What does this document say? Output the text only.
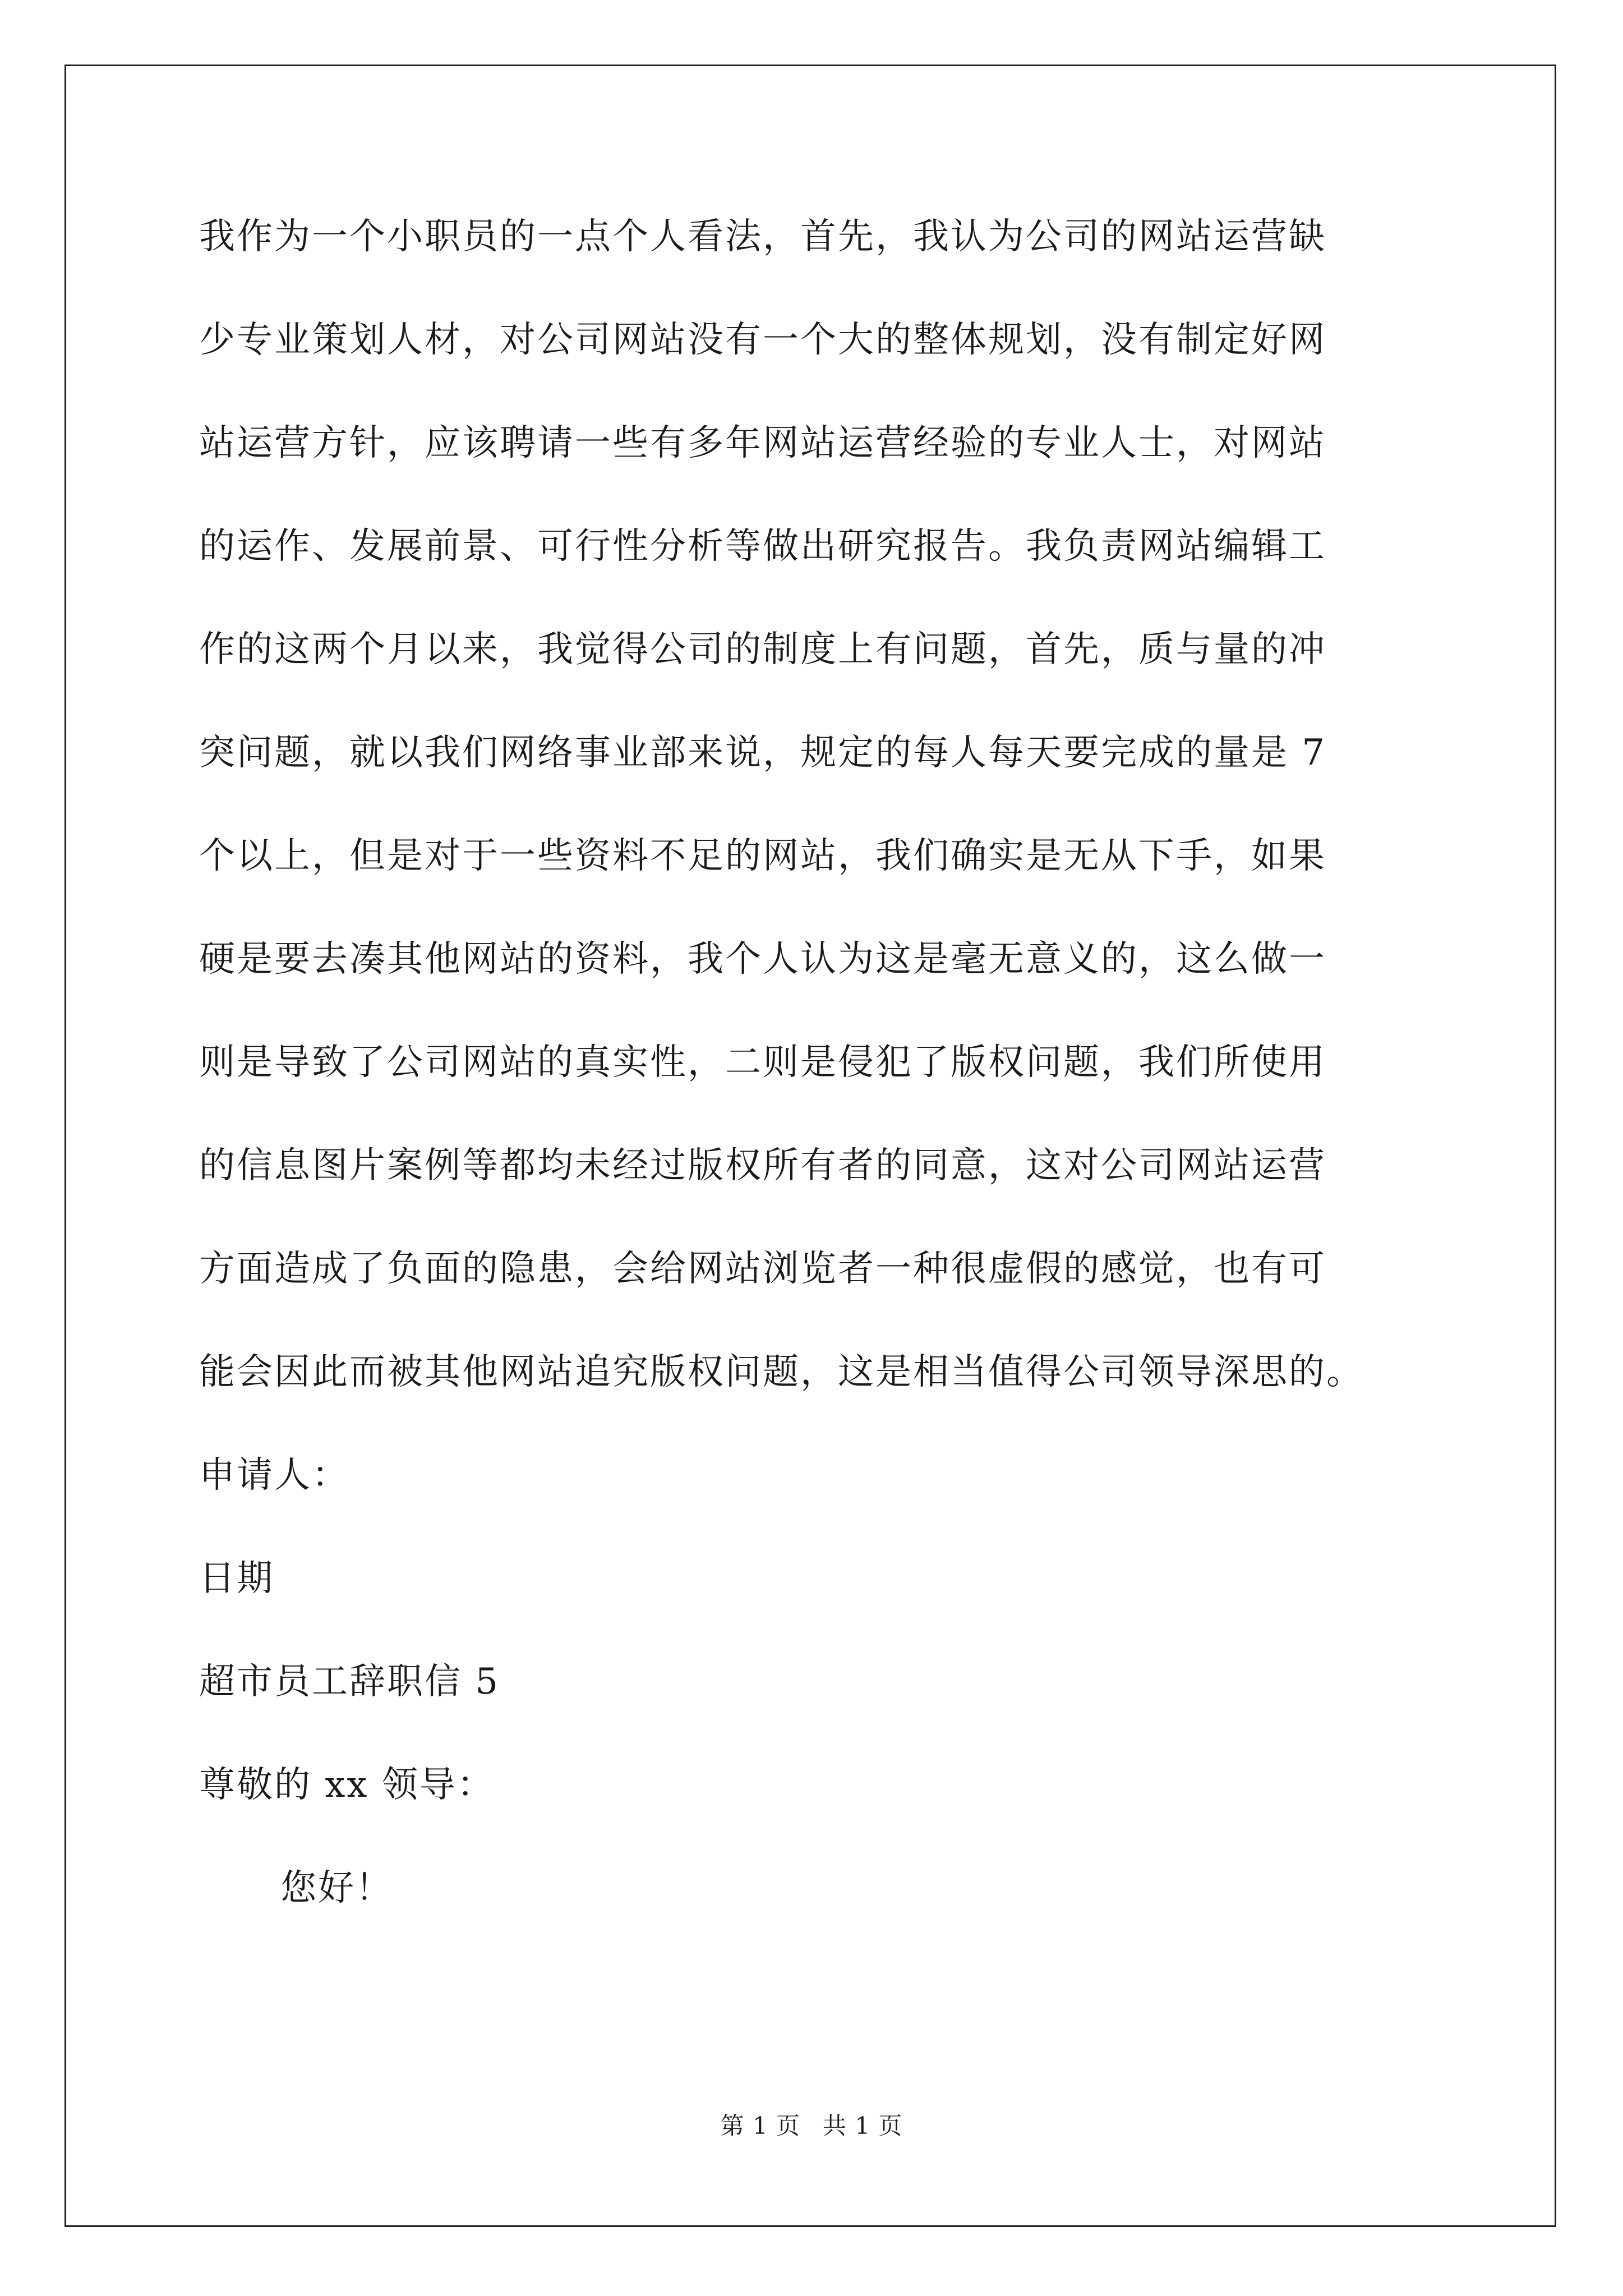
我作为一个小职员的一点个人看法，首先，我认为公司的网站运营缺
少专业策划人材，对公司网站没有一个大的整体规划，没有制定好网
站运营方针，应该聘请一些有多年网站运营经验的专业人士，对网站
的运作、发展前景、可行性分析等做出研究报告。我负责网站编辑工
作的这两个月以来，我觉得公司的制度上有问题，首先，质与量的冲
突问题，就以我们网络事业部来说，规定的每人每天要完成的量是 7
个以上，但是对于一些资料不足的网站，我们确实是无从下手，如果
硬是要去凑其他网站的资料，我个人认为这是毫无意义的，这么做一
则是导致了公司网站的真实性，二则是侵犯了版权问题，我们所使用
的信息图片案例等都均未经过版权所有者的同意，这对公司网站运营
方面造成了负面的隐患，会给网站浏览者一种很虚假的感觉，也有可
能会因此而被其他网站追究版权问题，这是相当值得公司领导深思的。
申请人：
日期
超市员工辞职信 5
尊敬的 xx 领导：
您好！
第 1 页 共 1 页
